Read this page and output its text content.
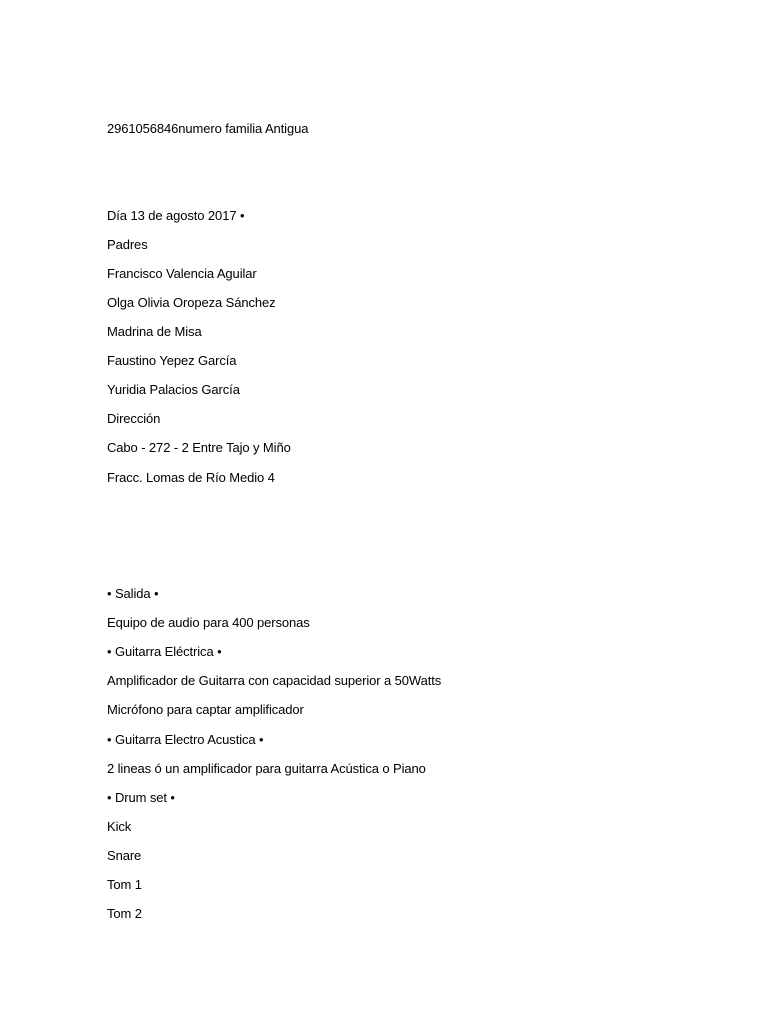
2961056846numero familia Antigua
Día 13 de agosto 2017 •
Padres
Francisco Valencia Aguilar
Olga Olivia Oropeza Sánchez
Madrina de Misa
Faustino Yepez García
Yuridia Palacios García
Dirección
Cabo - 272 - 2 Entre Tajo y Miño
Fracc. Lomas de Río Medio 4
• Salida •
Equipo de audio para 400 personas
• Guitarra Eléctrica •
Amplificador de Guitarra con capacidad superior a 50Watts
Micrófono para captar amplificador
• Guitarra Electro Acustica •
2 lineas ó un amplificador para guitarra Acústica o Piano
• Drum set •
Kick
Snare
Tom 1
Tom 2
